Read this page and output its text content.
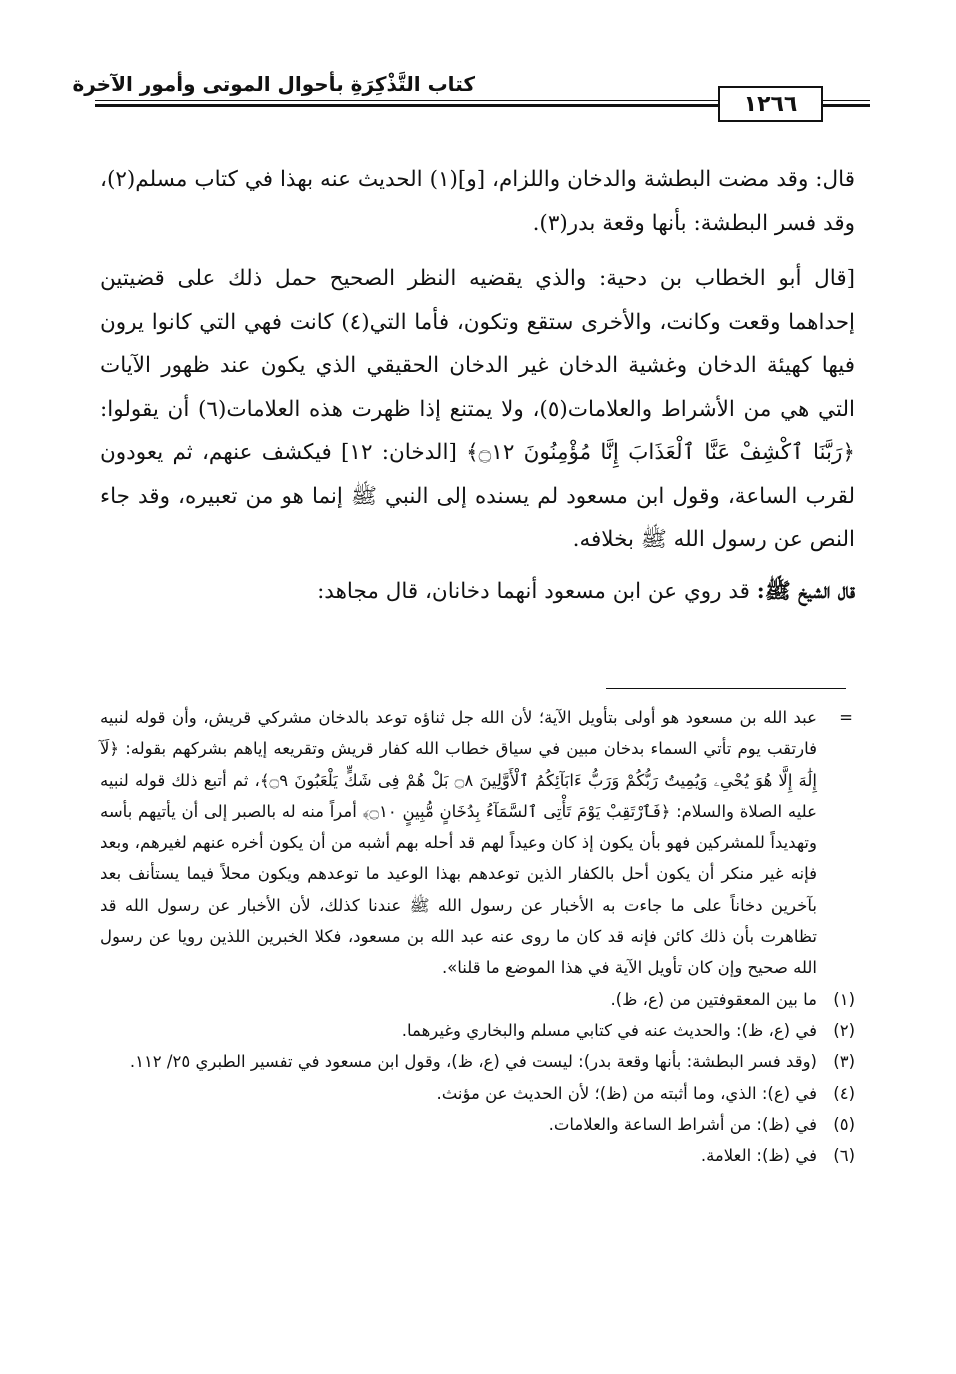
كتاب التَّذْكِرَةِ بأحوال الموتى وأمور الآخرة
١٢٦٦

قال: وقد مضت البطشة والدخان واللزام، [و](١) الحديث عنه بهذا في كتاب مسلم(٢)، وقد فسر البطشة: بأنها وقعة بدر(٣).

[قال أبو الخطاب بن دحية: والذي يقضيه النظر الصحيح حمل ذلك على قضيتين إحداهما وقعت وكانت، والأخرى ستقع وتكون، فأما التي(٤) كانت فهي التي كانوا يرون فيها كهيئة الدخان وغشية الدخان غير الدخان الحقيقي الذي يكون عند ظهور الآيات التي هي من الأشراط والعلامات(٥)، ولا يمتنع إذا ظهرت هذه العلامات(٦) أن يقولوا: ﴿رَبَّنَا ٱكْشِفْ عَنَّا ٱلْعَذَابَ إِنَّا مُؤْمِنُونَ ۝١٢﴾ [الدخان: ١٢] فيكشف عنهم، ثم يعودون لقرب الساعة، وقول ابن مسعود لم يسنده إلى النبي ﷺ إنما هو من تعبيره، وقد جاء النص عن رسول الله ﷺ بخلافه.

قال الشيخ ﷺ: قد روي عن ابن مسعود أنهما دخانان، قال مجاهد:

=
عبد الله بن مسعود هو أولى بتأويل الآية؛ لأن الله جل ثناؤه توعد بالدخان مشركي قريش، وأن قوله لنبيه فارتقب يوم تأتي السماء بدخان مبين في سياق خطاب الله كفار قريش وتقريعه إياهم بشركهم بقوله: ﴿لَآ إِلَٰهَ إِلَّا هُوَ يُحْىِۦ وَيُمِيتُ رَبُّكُمْ وَرَبُّ ءَابَآئِكُمُ ٱلْأَوَّلِينَ ۝٨ بَلْ هُمْ فِى شَكٍّ يَلْعَبُونَ ۝٩﴾، ثم أتبع ذلك قوله لنبيه عليه الصلاة والسلام: ﴿فَٱرْتَقِبْ يَوْمَ تَأْتِى ٱلسَّمَآءُ بِدُخَانٍ مُّبِينٍ ۝١٠﴾ أمراً منه له بالصبر إلى أن يأتيهم بأسه وتهديداً للمشركين فهو بأن يكون إذ كان وعيداً لهم قد أحله بهم أشبه من أن يكون أخره عنهم لغيرهم، وبعد فإنه غير منكر أن يكون أحل بالكفار الذين توعدهم بهذا الوعيد ما توعدهم ويكون محلاً فيما يستأنف بعد بآخرين دخاناً على ما جاءت به الأخبار عن رسول الله ﷺ عندنا كذلك، لأن الأخبار عن رسول الله قد تظاهرت بأن ذلك كائن فإنه قد كان ما روى عنه عبد الله بن مسعود، فكلا الخبرين اللذين رويا عن رسول الله صحيح وإن كان تأويل الآية في هذا الموضع ما قلنا».
(١)
ما بين المعقوفتين من (ع، ظ).
(٢)
في (ع، ظ): والحديث عنه في كتابي مسلم والبخاري وغيرهما.
(٣)
(وقد فسر البطشة: بأنها وقعة بدر): ليست في (ع، ظ)، وقول ابن مسعود في تفسير الطبري ٢٥/ ١١٢.
(٤)
في (ع): الذي، وما أثبته من (ظ)؛ لأن الحديث عن مؤنث.
(٥)
في (ظ): من أشراط الساعة والعلامات.
(٦)
في (ظ): العلامة.
